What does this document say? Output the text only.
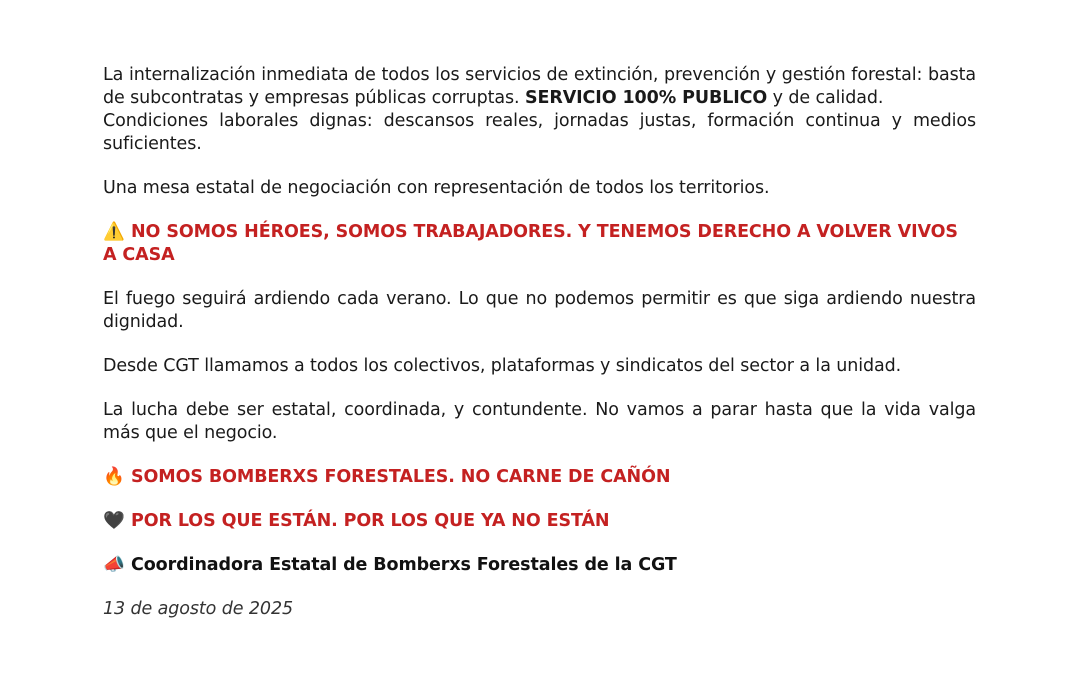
La internalización inmediata de todos los servicios de extinción, prevención y gestión forestal: basta de subcontratas y empresas públicas corruptas. SERVICIO 100% PUBLICO y de calidad.

Condiciones laborales dignas: descansos reales, jornadas justas, formación continua y medios suficientes.

Una mesa estatal de negociación con representación de todos los territorios.

⚠️ NO SOMOS HÉROES, SOMOS TRABAJADORES. Y TENEMOS DERECHO A VOLVER VIVOS A CASA

El fuego seguirá ardiendo cada verano. Lo que no podemos permitir es que siga ardiendo nuestra dignidad.

Desde CGT llamamos a todos los colectivos, plataformas y sindicatos del sector a la unidad.

La lucha debe ser estatal, coordinada, y contundente. No vamos a parar hasta que la vida valga más que el negocio.

🔥 SOMOS BOMBERXS FORESTALES. NO CARNE DE CAÑÓN

🖤 POR LOS QUE ESTÁN. POR LOS QUE YA NO ESTÁN

📣 Coordinadora Estatal de Bomberxs Forestales de la CGT

13 de agosto de 2025
